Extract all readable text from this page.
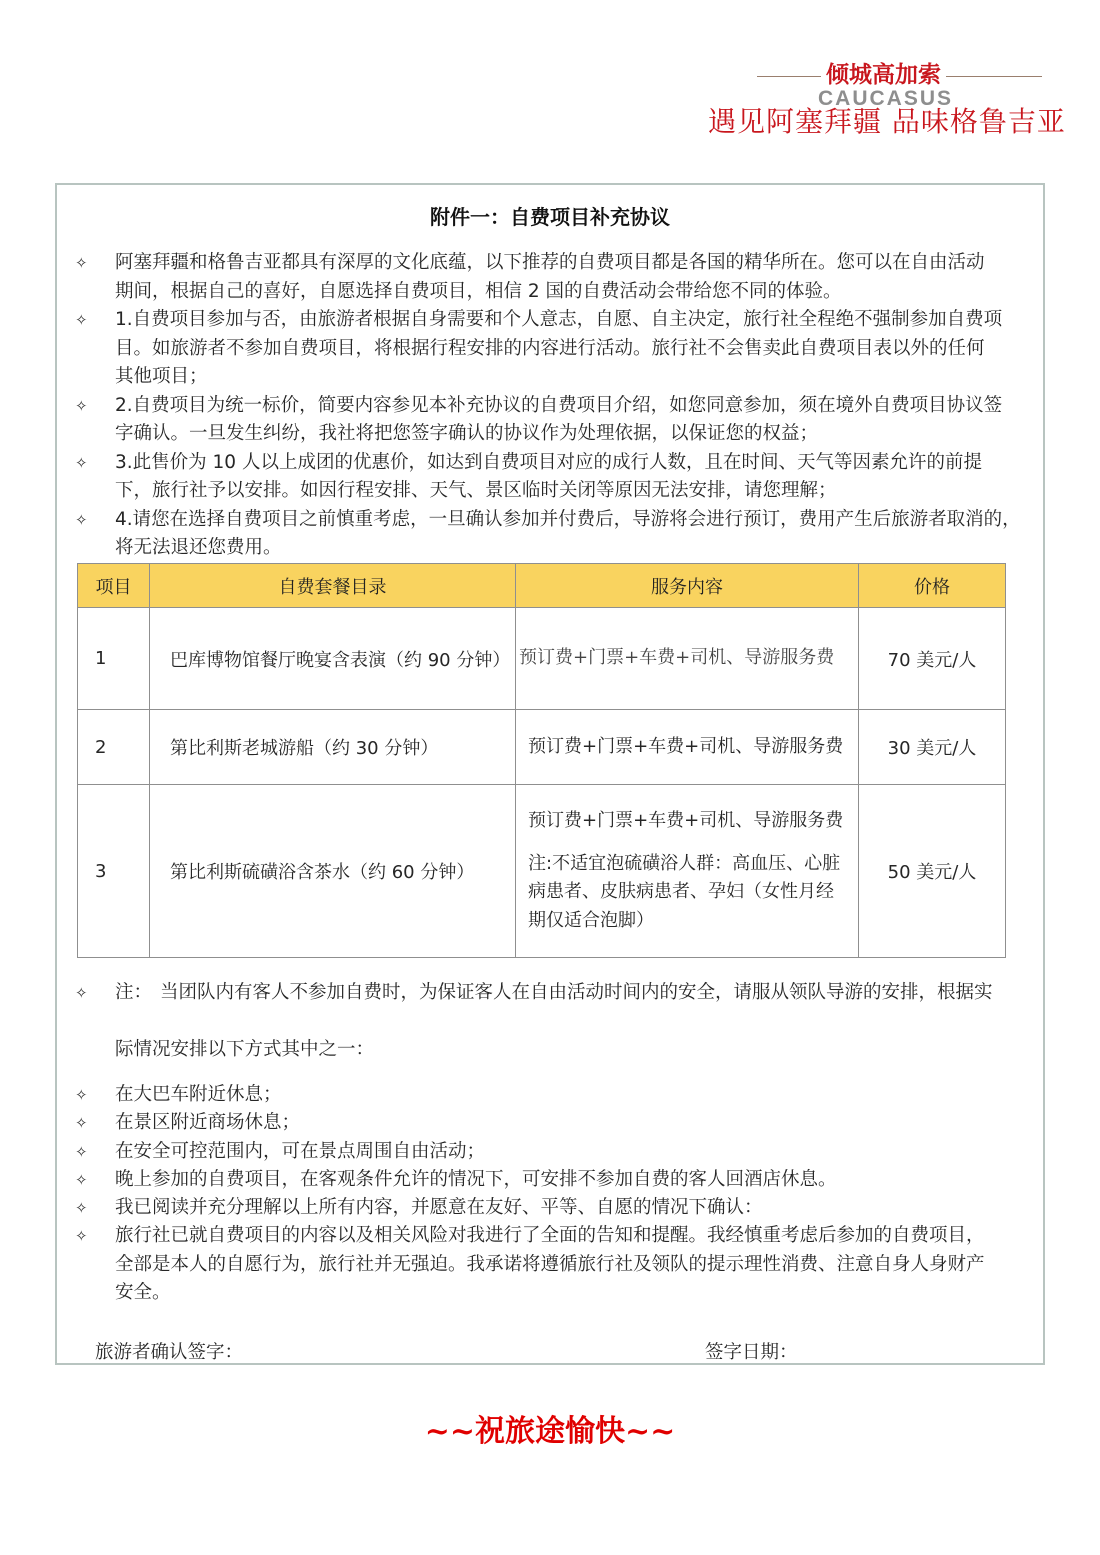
倾城高加索
CAUCASUS
遇见阿塞拜疆 品味格鲁吉亚
附件一：自费项目补充协议
✧ 阿塞拜疆和格鲁吉亚都具有深厚的文化底蕴，以下推荐的自费项目都是各国的精华所在。您可以在自由活动
期间，根据自己的喜好，自愿选择自费项目，相信 2 国的自费活动会带给您不同的体验。
✧ 1.自费项目参加与否，由旅游者根据自身需要和个人意志，自愿、自主决定，旅行社全程绝不强制参加自费项
目。如旅游者不参加自费项目，将根据行程安排的内容进行活动。旅行社不会售卖此自费项目表以外的任何
其他项目；
✧ 2.自费项目为统一标价，简要内容参见本补充协议的自费项目介绍，如您同意参加，须在境外自费项目协议签
字确认。一旦发生纠纷，我社将把您签字确认的协议作为处理依据，以保证您的权益；
✧ 3.此售价为 10 人以上成团的优惠价，如达到自费项目对应的成行人数，且在时间、天气等因素允许的前提
下，旅行社予以安排。如因行程安排、天气、景区临时关闭等原因无法安排，请您理解；
✧ 4.请您在选择自费项目之前慎重考虑，一旦确认参加并付费后，导游将会进行预订，费用产生后旅游者取消的，
将无法退还您费用。
项目	自费套餐目录	服务内容	价格
1	巴库博物馆餐厅晚宴含表演（约 90 分钟）	预订费+门票+车费+司机、导游服务费	70 美元/人
2	第比利斯老城游船（约 30 分钟）	预订费+门票+车费+司机、导游服务费	30 美元/人
3	第比利斯硫磺浴含茶水（约 60 分钟）	预订费+门票+车费+司机、导游服务费
注:不适宜泡硫磺浴人群：高血压、心脏
病患者、皮肤病患者、孕妇（女性月经
期仅适合泡脚）	50 美元/人
✧ 注： 当团队内有客人不参加自费时，为保证客人在自由活动时间内的安全，请服从领队导游的安排，根据实
际情况安排以下方式其中之一：
✧ 在大巴车附近休息；
✧ 在景区附近商场休息；
✧ 在安全可控范围内，可在景点周围自由活动；
✧ 晚上参加的自费项目，在客观条件允许的情况下，可安排不参加自费的客人回酒店休息。
✧ 我已阅读并充分理解以上所有内容，并愿意在友好、平等、自愿的情况下确认：
✧ 旅行社已就自费项目的内容以及相关风险对我进行了全面的告知和提醒。我经慎重考虑后参加的自费项目，
全部是本人的自愿行为，旅行社并无强迫。我承诺将遵循旅行社及领队的提示理性消费、注意自身人身财产
安全。
旅游者确认签字：	签字日期：
~~祝旅途愉快~~
